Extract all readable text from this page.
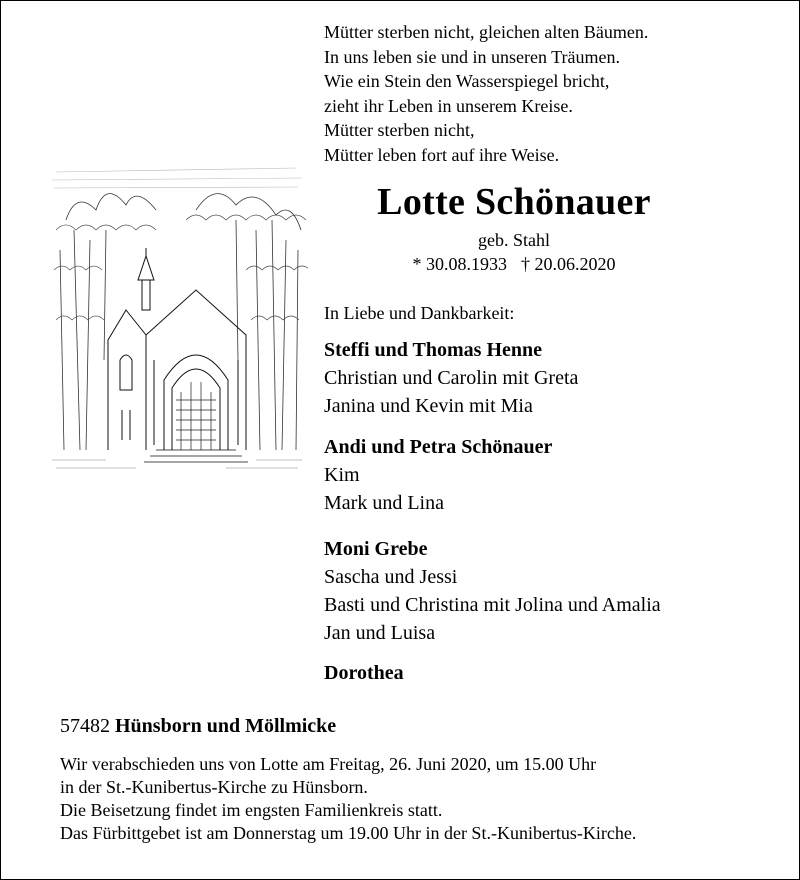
Mütter sterben nicht, gleichen alten Bäumen.
In uns leben sie und in unseren Träumen.
Wie ein Stein den Wasserspiegel bricht,
zieht ihr Leben in unserem Kreise.
Mütter sterben nicht,
Mütter leben fort auf ihre Weise.
Lotte Schönauer
geb. Stahl
* 30.08.1933 † 20.06.2020
In Liebe und Dankbarkeit:
Steffi und Thomas Henne
Christian und Carolin mit Greta
Janina und Kevin mit Mia
Andi und Petra Schönauer
Kim
Mark und Lina
Moni Grebe
Sascha und Jessi
Basti und Christina mit Jolina und Amalia
Jan und Luisa
Dorothea
57482 Hünsborn und Möllmicke
Wir verabschieden uns von Lotte am Freitag, 26. Juni 2020, um 15.00 Uhr
in der St.-Kunibertus-Kirche zu Hünsborn.
Die Beisetzung findet im engsten Familienkreis statt.
Das Fürbittgebet ist am Donnerstag um 19.00 Uhr in der St.-Kunibertus-Kirche.
